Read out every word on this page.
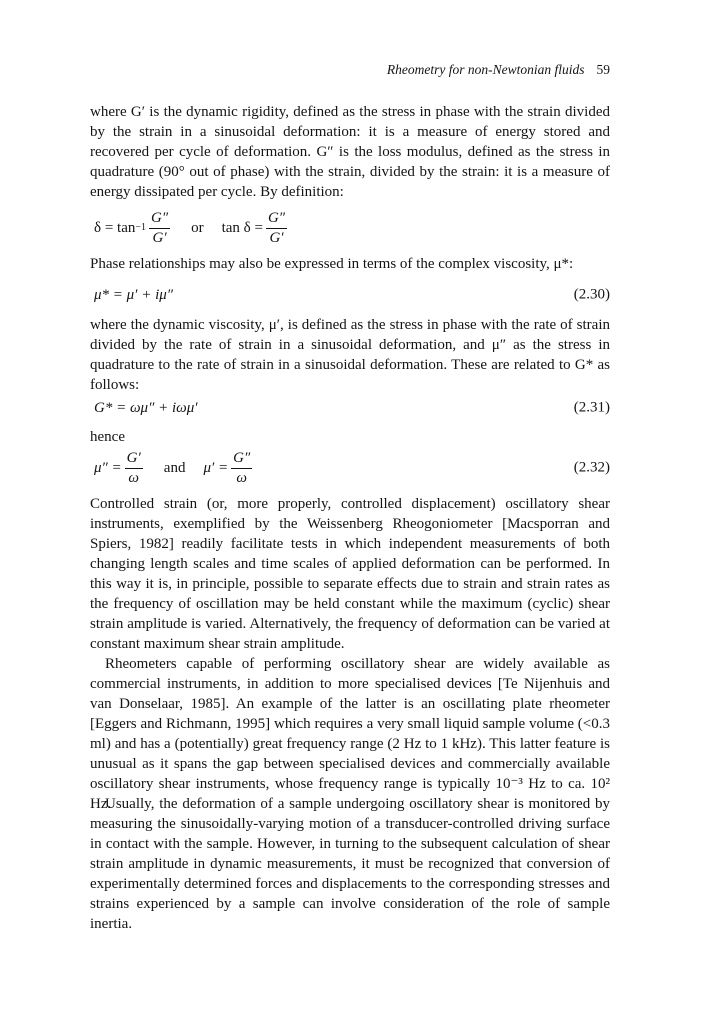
Rheometry for non-Newtonian fluids 59

where G′ is the dynamic rigidity, defined as the stress in phase with the strain divided by the strain in a sinusoidal deformation: it is a measure of energy stored and recovered per cycle of deformation. G″ is the loss modulus, defined as the stress in quadrature (90° out of phase) with the strain, divided by the strain: it is a measure of energy dissipated per cycle. By definition:

$\delta = \tan -1 \frac{G''}{G'}$ or $\tan \delta = \frac{G''}{G'}$

Phase relationships may also be expressed in terms of the complex viscosity, μ*:

μ* = μ′ + iμ″	(2.30)

where the dynamic viscosity, μ′, is defined as the stress in phase with the rate of strain divided by the rate of strain in a sinusoidal deformation, and μ″ as the stress in quadrature to the rate of strain in a sinusoidal deformation. These are related to G* as follows:

G* = ωμ″ + iωμ′	(2.31)

hence

$\mu'' = \frac{G'}{\omega}$ and $\mu' = \frac{G''}{\omega}$	(2.32)

Controlled strain (or, more properly, controlled displacement) oscillatory shear instruments, exemplified by the Weissenberg Rheogoniometer [Macsporran and Spiers, 1982] readily facilitate tests in which independent measurements of both changing length scales and time scales of applied deformation can be performed. In this way it is, in principle, possible to separate effects due to strain and strain rates as the frequency of oscillation may be held constant while the maximum (cyclic) shear strain amplitude is varied. Alternatively, the frequency of deformation can be varied at constant maximum shear strain amplitude.

Rheometers capable of performing oscillatory shear are widely available as commercial instruments, in addition to more specialised devices [Te Nijenhuis and van Donselaar, 1985]. An example of the latter is an oscillating plate rheometer [Eggers and Richmann, 1995] which requires a very small liquid sample volume (<0.3 ml) and has a (potentially) great frequency range (2 Hz to 1 kHz). This latter feature is unusual as it spans the gap between specialised devices and commercially available oscillatory shear instruments, whose frequency range is typically 10⁻³ Hz to ca. 10² Hz.

Usually, the deformation of a sample undergoing oscillatory shear is monitored by measuring the sinusoidally-varying motion of a transducer-controlled driving surface in contact with the sample. However, in turning to the subsequent calculation of shear strain amplitude in dynamic measurements, it must be recognized that conversion of experimentally determined forces and displacements to the corresponding stresses and strains experienced by a sample can involve consideration of the role of sample inertia.
